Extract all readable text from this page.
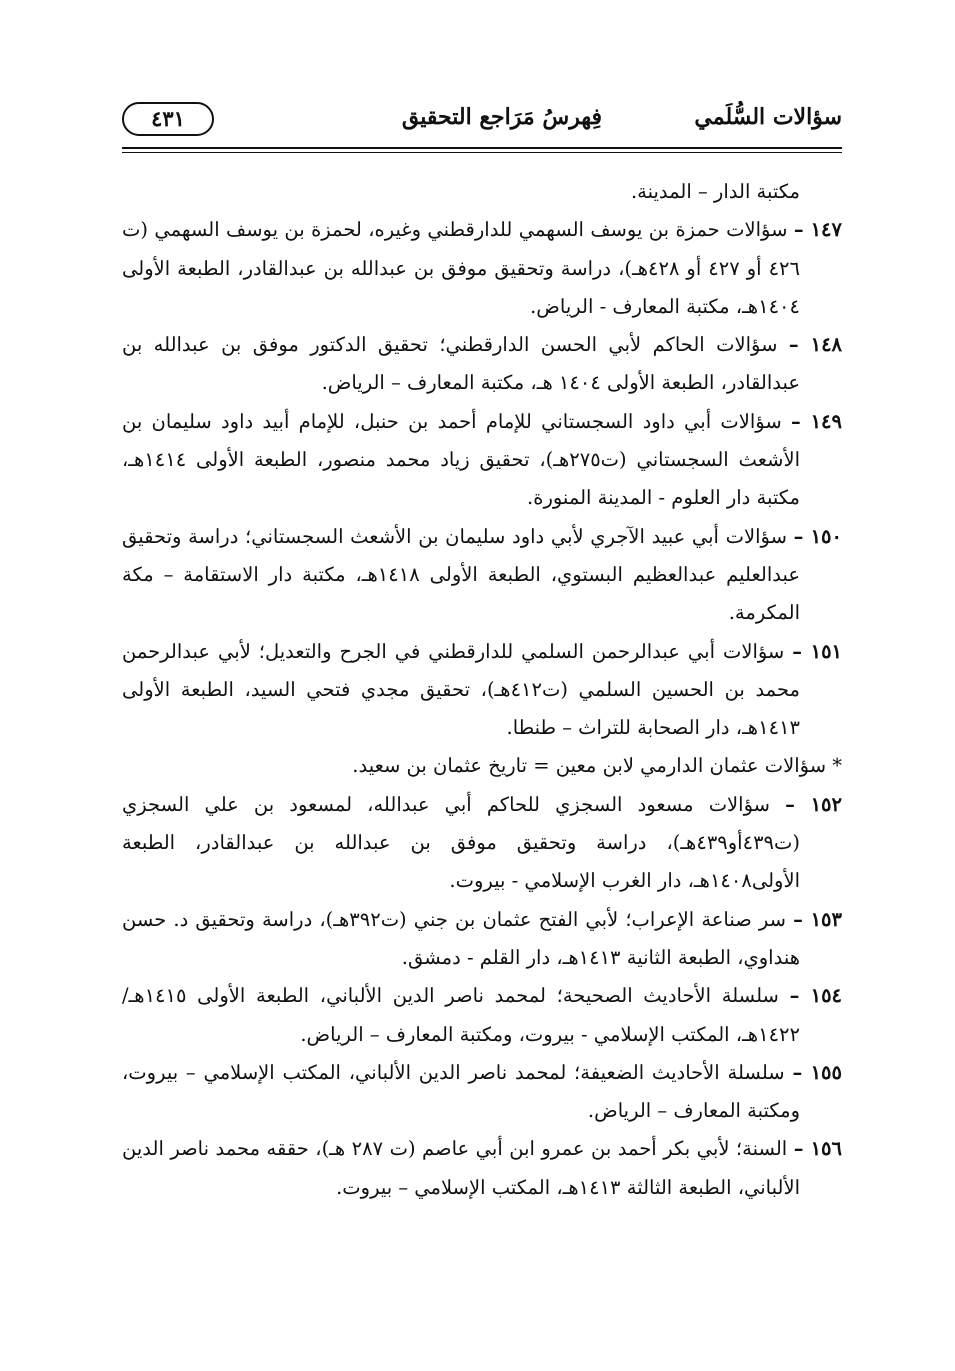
سؤالات السُّلَمي
فِهرسُ مَرَاجع التحقيق
٤٣١

مكتبة الدار – المدينة.

١٤٧ – سؤالات حمزة بن يوسف السهمي للدارقطني وغيره، لحمزة بن يوسف السهمي (ت ٤٢٦ أو ٤٢٧ أو ٤٢٨هـ)، دراسة وتحقيق موفق بن عبدالله بن عبدالقادر، الطبعة الأولى ١٤٠٤هـ، مكتبة المعارف - الرياض.

١٤٨ – سؤالات الحاكم لأبي الحسن الدارقطني؛ تحقيق الدكتور موفق بن عبدالله بن عبدالقادر، الطبعة الأولى ١٤٠٤ هـ، مكتبة المعارف – الرياض.

١٤٩ – سؤالات أبي داود السجستاني للإمام أحمد بن حنبل، للإمام أبيد داود سليمان بن الأشعث السجستاني (ت٢٧٥هـ)، تحقيق زياد محمد منصور، الطبعة الأولى ١٤١٤هـ، مكتبة دار العلوم - المدينة المنورة.

١٥٠ – سؤالات أبي عبيد الآجري لأبي داود سليمان بن الأشعث السجستاني؛ دراسة وتحقيق عبدالعليم عبدالعظيم البستوي، الطبعة الأولى ١٤١٨هـ، مكتبة دار الاستقامة – مكة المكرمة.

١٥١ – سؤالات أبي عبدالرحمن السلمي للدارقطني في الجرح والتعديل؛ لأبي عبدالرحمن محمد بن الحسين السلمي (ت٤١٢هـ)، تحقيق مجدي فتحي السيد، الطبعة الأولى ١٤١٣هـ، دار الصحابة للتراث – طنطا.

* سؤالات عثمان الدارمي لابن معين = تاريخ عثمان بن سعيد.

١٥٢ – سؤالات مسعود السجزي للحاكم أبي عبدالله، لمسعود بن علي السجزي (ت٤٣٩أو٤٣٩هـ)، دراسة وتحقيق موفق بن عبدالله بن عبدالقادر، الطبعة الأولى١٤٠٨هـ، دار الغرب الإسلامي - بيروت.

١٥٣ – سر صناعة الإعراب؛ لأبي الفتح عثمان بن جني (ت٣٩٢هـ)، دراسة وتحقيق د. حسن هنداوي، الطبعة الثانية ١٤١٣هـ، دار القلم - دمشق.

١٥٤ – سلسلة الأحاديث الصحيحة؛ لمحمد ناصر الدين الألباني، الطبعة الأولى ١٤١٥هـ/ ١٤٢٢هـ، المكتب الإسلامي - بيروت، ومكتبة المعارف – الرياض.

١٥٥ – سلسلة الأحاديث الضعيفة؛ لمحمد ناصر الدين الألباني، المكتب الإسلامي – بيروت، ومكتبة المعارف – الرياض.

١٥٦ – السنة؛ لأبي بكر أحمد بن عمرو ابن أبي عاصم (ت ٢٨٧ هـ)، حققه محمد ناصر الدين الألباني، الطبعة الثالثة ١٤١٣هـ، المكتب الإسلامي – بيروت.
